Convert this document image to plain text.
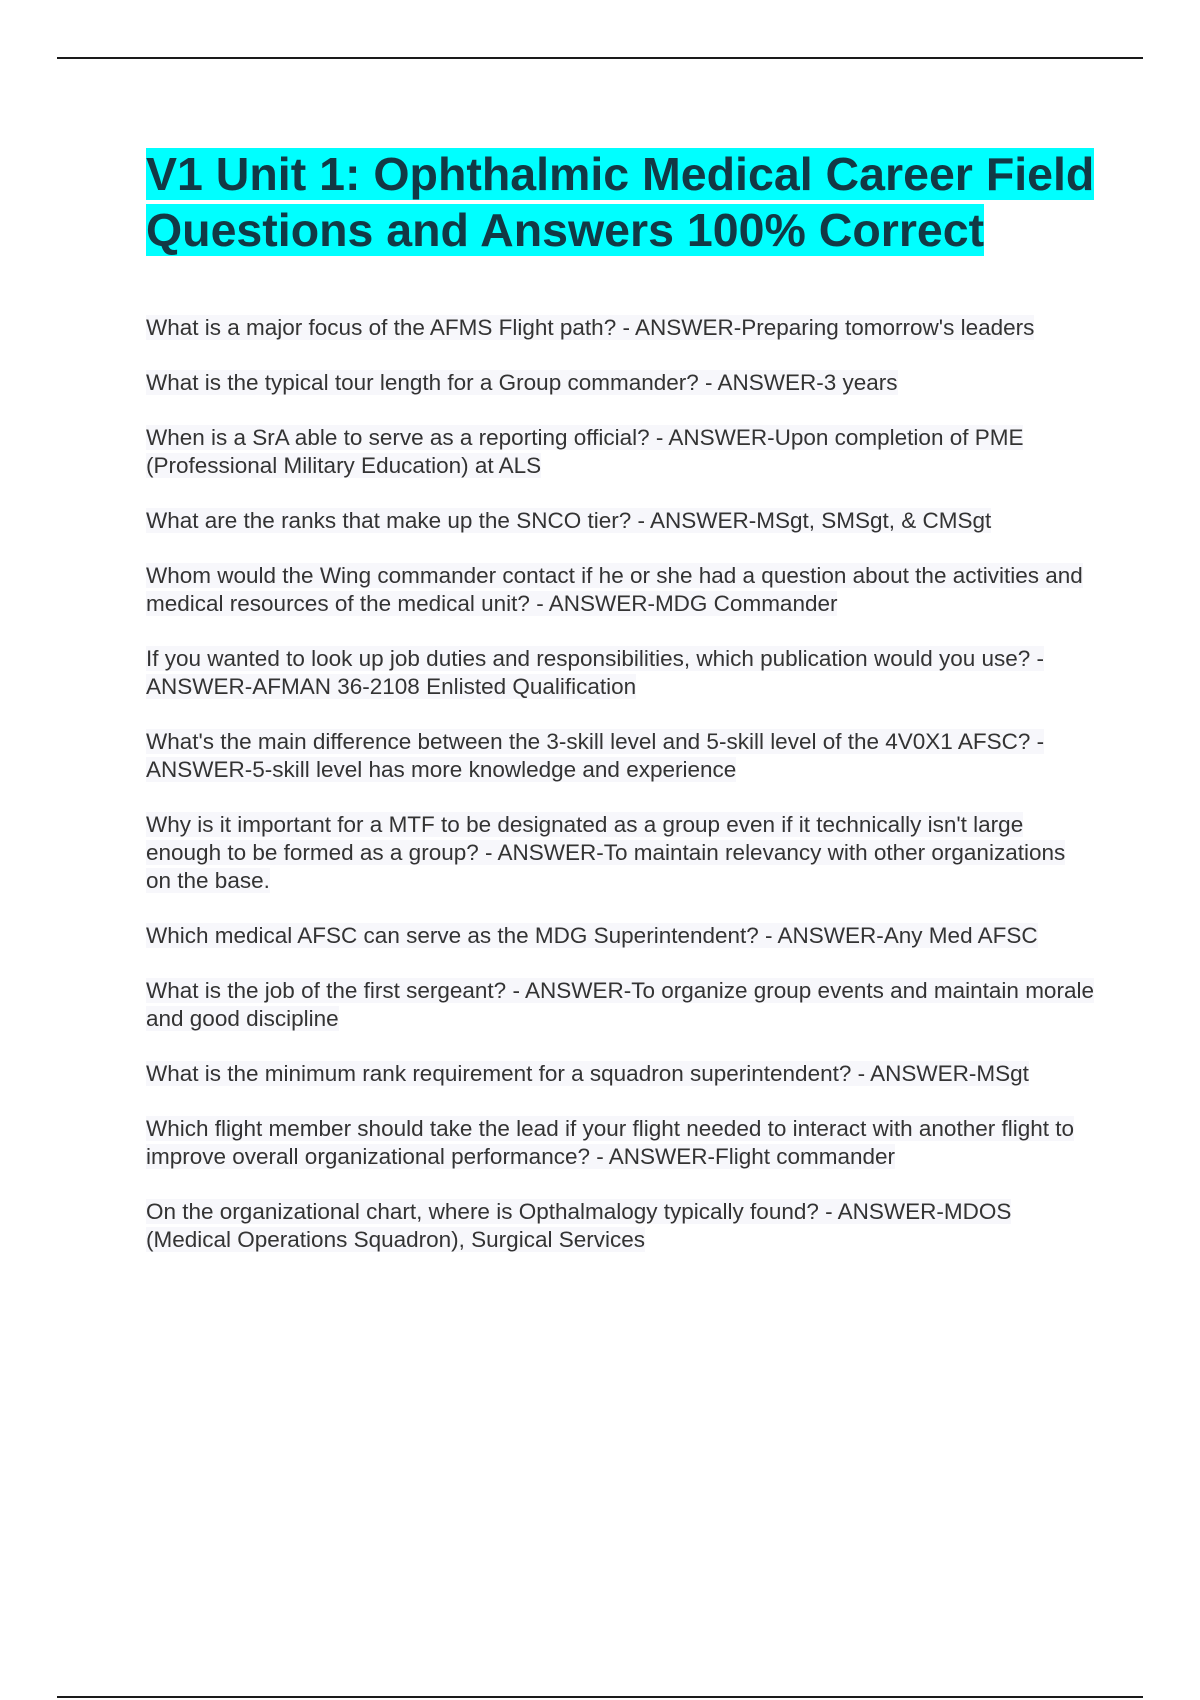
V1 Unit 1: Ophthalmic Medical Career Field Questions and Answers 100% Correct

What is a major focus of the AFMS Flight path? - ANSWER-Preparing tomorrow's leaders

What is the typical tour length for a Group commander? - ANSWER-3 years

When is a SrA able to serve as a reporting official? - ANSWER-Upon completion of PME (Professional Military Education) at ALS

What are the ranks that make up the SNCO tier? - ANSWER-MSgt, SMSgt, & CMSgt

Whom would the Wing commander contact if he or she had a question about the activities and medical resources of the medical unit? - ANSWER-MDG Commander

If you wanted to look up job duties and responsibilities, which publication would you use? - ANSWER-AFMAN 36-2108 Enlisted Qualification

What's the main difference between the 3-skill level and 5-skill level of the 4V0X1 AFSC? - ANSWER-5-skill level has more knowledge and experience

Why is it important for a MTF to be designated as a group even if it technically isn't large enough to be formed as a group? - ANSWER-To maintain relevancy with other organizations on the base.

Which medical AFSC can serve as the MDG Superintendent? - ANSWER-Any Med AFSC

What is the job of the first sergeant? - ANSWER-To organize group events and maintain morale and good discipline

What is the minimum rank requirement for a squadron superintendent? - ANSWER-MSgt

Which flight member should take the lead if your flight needed to interact with another flight to improve overall organizational performance? - ANSWER-Flight commander

On the organizational chart, where is Opthalmalogy typically found? - ANSWER-MDOS (Medical Operations Squadron), Surgical Services
